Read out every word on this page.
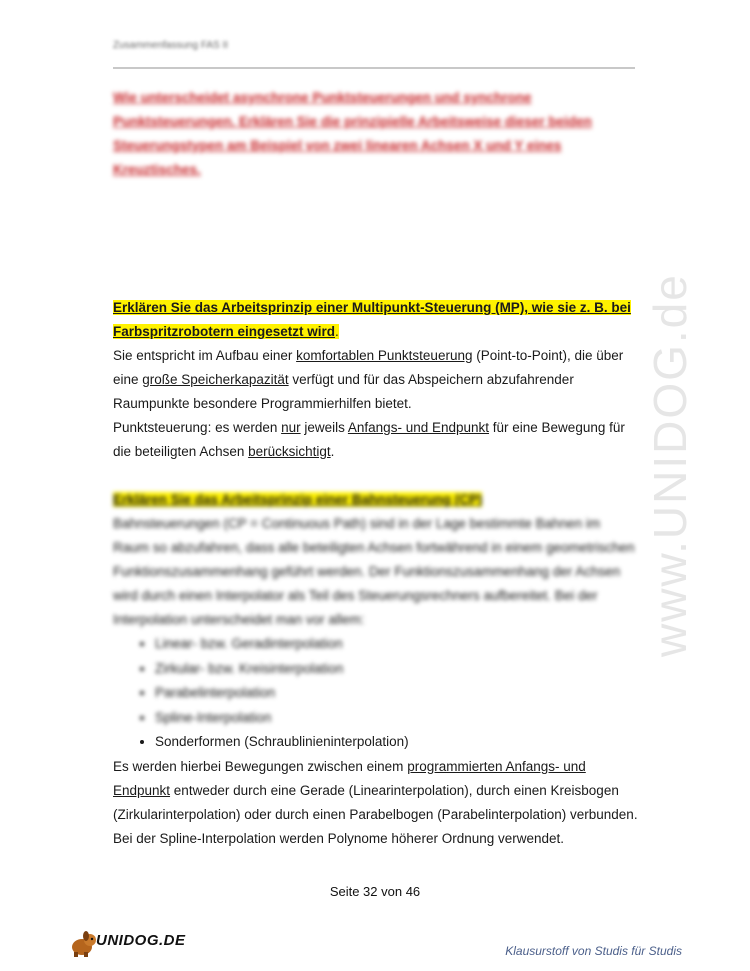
Zusammenfassung FAS II
Wie unterscheidet asynchrone Punktsteuerungen und synchrone Punktsteuerungen. Erklären Sie die prinzipielle Arbeitsweise dieser beiden Steuerungstypen am Beispiel von zwei linearen Achsen X und Y eines Kreuztisches.

Erklären Sie das Arbeitsprinzip einer Multipunkt-Steuerung (MP), wie sie z. B. bei Farbspritzrobotern eingesetzt wird.

Sie entspricht im Aufbau einer komfortablen Punktsteuerung (Point-to-Point), die über eine große Speicherkapazität verfügt und für das Abspeichern abzufahrender Raumpunkte besondere Programmierhilfen bietet.

Punktsteuerung: es werden nur jeweils Anfangs- und Endpunkt für eine Bewegung für die beteiligten Achsen berücksichtigt.

Erklären Sie das Arbeitsprinzip einer Bahnsteuerung (CP)

Bahnsteuerungen (CP = Continuous Path) sind in der Lage bestimmte Bahnen im Raum so abzufahren, dass alle beteiligten Achsen fortwährend in einem geometrischen Funktionszusammenhang geführt werden. Der Funktionszusammenhang der Achsen wird durch einen Interpolator als Teil des Steuerungsrechners aufbereitet. Bei der Interpolation unterscheidet man vor allem:

• Linear- bzw. Geradinterpolation
• Zirkular- bzw. Kreisinterpolation
• Parabelinterpolation
• Spline-Interpolation
• Sonderformen (Schraublinieninterpolation)

Es werden hierbei Bewegungen zwischen einem programmierten Anfangs- und Endpunkt entweder durch eine Gerade (Linearinterpolation), durch einen Kreisbogen (Zirkularinterpolation) oder durch einen Parabelbogen (Parabelinterpolation) verbunden. Bei der Spline-Interpolation werden Polynome höherer Ordnung verwendet.

Seite 32 von 46
www.UNIDOG.de
UNIDOG.DE
Klausurstoff von Studis für Studis
